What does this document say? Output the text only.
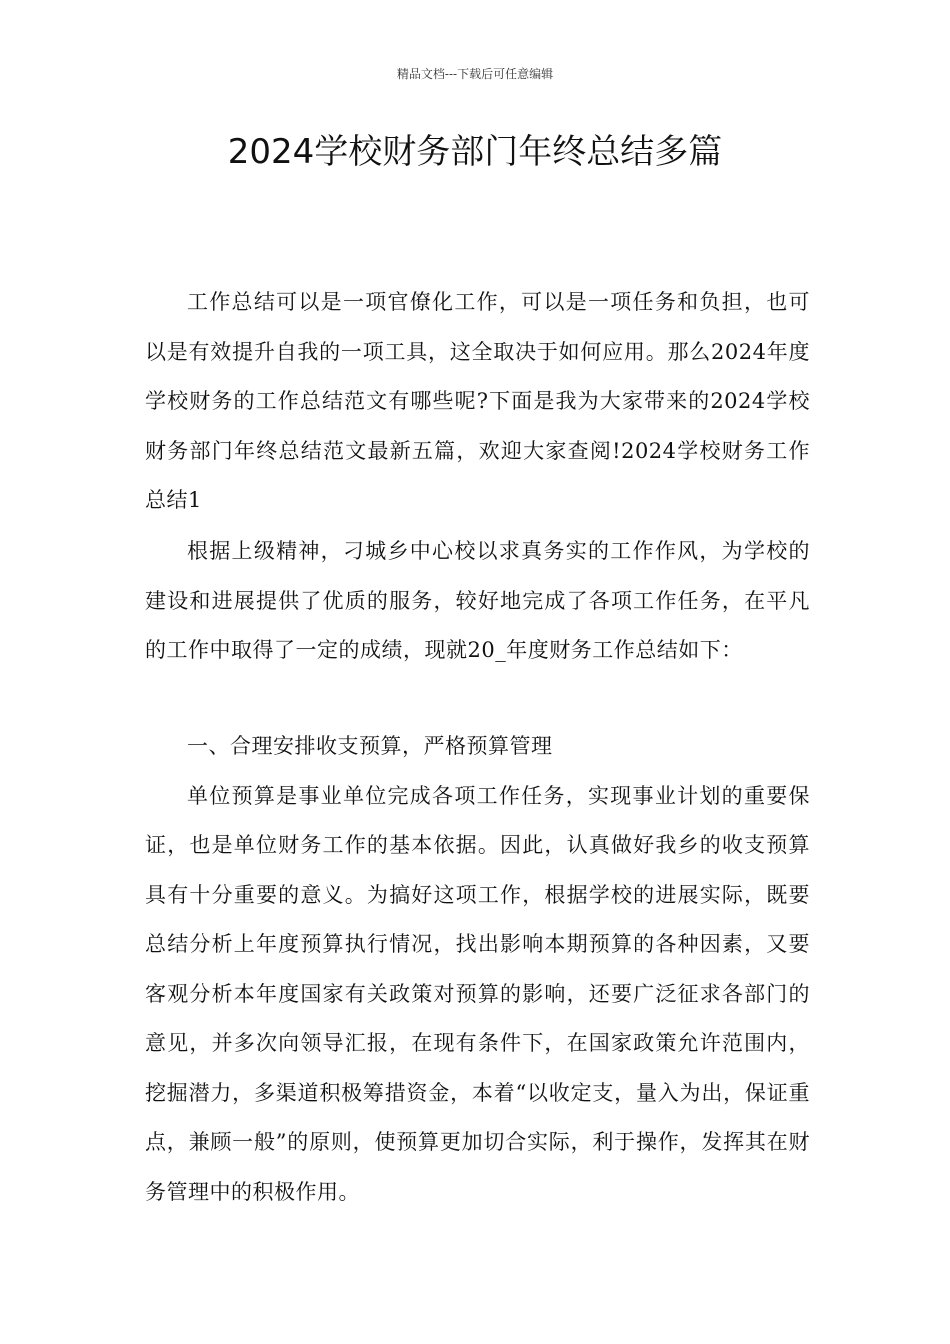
精品文档---下载后可任意编辑
2024学校财务部门年终总结多篇

工作总结可以是一项官僚化工作，可以是一项任务和负担，也可以是有效提升自我的一项工具，这全取决于如何应用。那么2024年度学校财务的工作总结范文有哪些呢?下面是我为大家带来的2024学校财务部门年终总结范文最新五篇，欢迎大家查阅!2024学校财务工作总结1

根据上级精神，刁城乡中心校以求真务实的工作作风，为学校的建设和进展提供了优质的服务，较好地完成了各项工作任务，在平凡的工作中取得了一定的成绩，现就20_年度财务工作总结如下：

一、合理安排收支预算，严格预算管理

单位预算是事业单位完成各项工作任务，实现事业计划的重要保证，也是单位财务工作的基本依据。因此，认真做好我乡的收支预算具有十分重要的意义。为搞好这项工作，根据学校的进展实际，既要总结分析上年度预算执行情况，找出影响本期预算的各种因素，又要客观分析本年度国家有关政策对预算的影响，还要广泛征求各部门的意见，并多次向领导汇报，在现有条件下，在国家政策允许范围内，挖掘潜力，多渠道积极筹措资金，本着“以收定支，量入为出，保证重点，兼顾一般”的原则，使预算更加切合实际，利于操作，发挥其在财务管理中的积极作用。
